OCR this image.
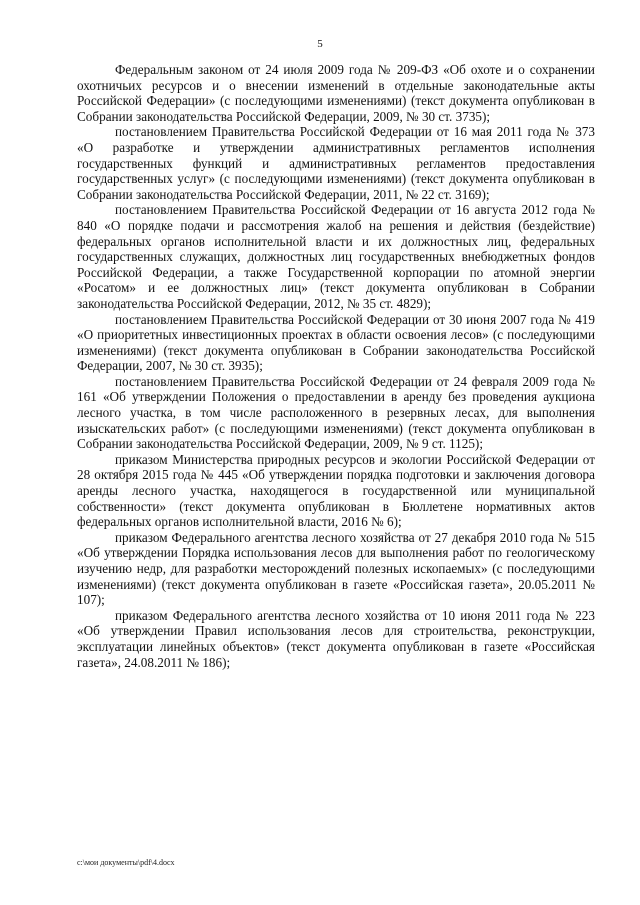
5

Федеральным законом от 24 июля 2009 года № 209-ФЗ «Об охоте и о сохранении охотничьих ресурсов и о внесении изменений в отдельные законодательные акты Российской Федерации» (с последующими изменениями) (текст документа опубликован в Собрании законодательства Российской Федерации, 2009, № 30 ст. 3735);

постановлением Правительства Российской Федерации от 16 мая 2011 года № 373 «О разработке и утверждении административных регламентов исполнения государственных функций и административных регламентов предоставления государственных услуг» (с последующими изменениями) (текст документа опубликован в Собрании законодательства Российской Федерации, 2011, № 22 ст. 3169);

постановлением Правительства Российской Федерации от 16 августа 2012 года № 840 «О порядке подачи и рассмотрения жалоб на решения и действия (бездействие) федеральных органов исполнительной власти и их должностных лиц, федеральных государственных служащих, должностных лиц государственных внебюджетных фондов Российской Федерации, а также Государственной корпорации по атомной энергии «Росатом» и ее должностных лиц» (текст документа опубликован в Собрании законодательства Российской Федерации, 2012, № 35 ст. 4829);

постановлением Правительства Российской Федерации от 30 июня 2007 года № 419 «О приоритетных инвестиционных проектах в области освоения лесов» (с последующими изменениями) (текст документа опубликован в Собрании законодательства Российской Федерации, 2007, № 30 ст. 3935);

постановлением Правительства Российской Федерации от 24 февраля 2009 года № 161 «Об утверждении Положения о предоставлении в аренду без проведения аукциона лесного участка, в том числе расположенного в резервных лесах, для выполнения изыскательских работ» (с последующими изменениями) (текст документа опубликован в Собрании законодательства Российской Федерации, 2009, № 9 ст. 1125);

приказом Министерства природных ресурсов и экологии Российской Федерации от 28 октября 2015 года № 445 «Об утверждении порядка подготовки и заключения договора аренды лесного участка, находящегося в государственной или муниципальной собственности» (текст документа опубликован в Бюллетене нормативных актов федеральных органов исполнительной власти, 2016 № 6);

приказом Федерального агентства лесного хозяйства от 27 декабря 2010 года № 515 «Об утверждении Порядка использования лесов для выполнения работ по геологическому изучению недр, для разработки месторождений полезных ископаемых» (с последующими изменениями) (текст документа опубликован в газете «Российская газета», 20.05.2011 № 107);

приказом Федерального агентства лесного хозяйства от 10 июня 2011 года № 223 «Об утверждении Правил использования лесов для строительства, реконструкции, эксплуатации линейных объектов» (текст документа опубликован в газете «Российская газета», 24.08.2011 № 186);

c:\мои документы\pdf\4.docx
